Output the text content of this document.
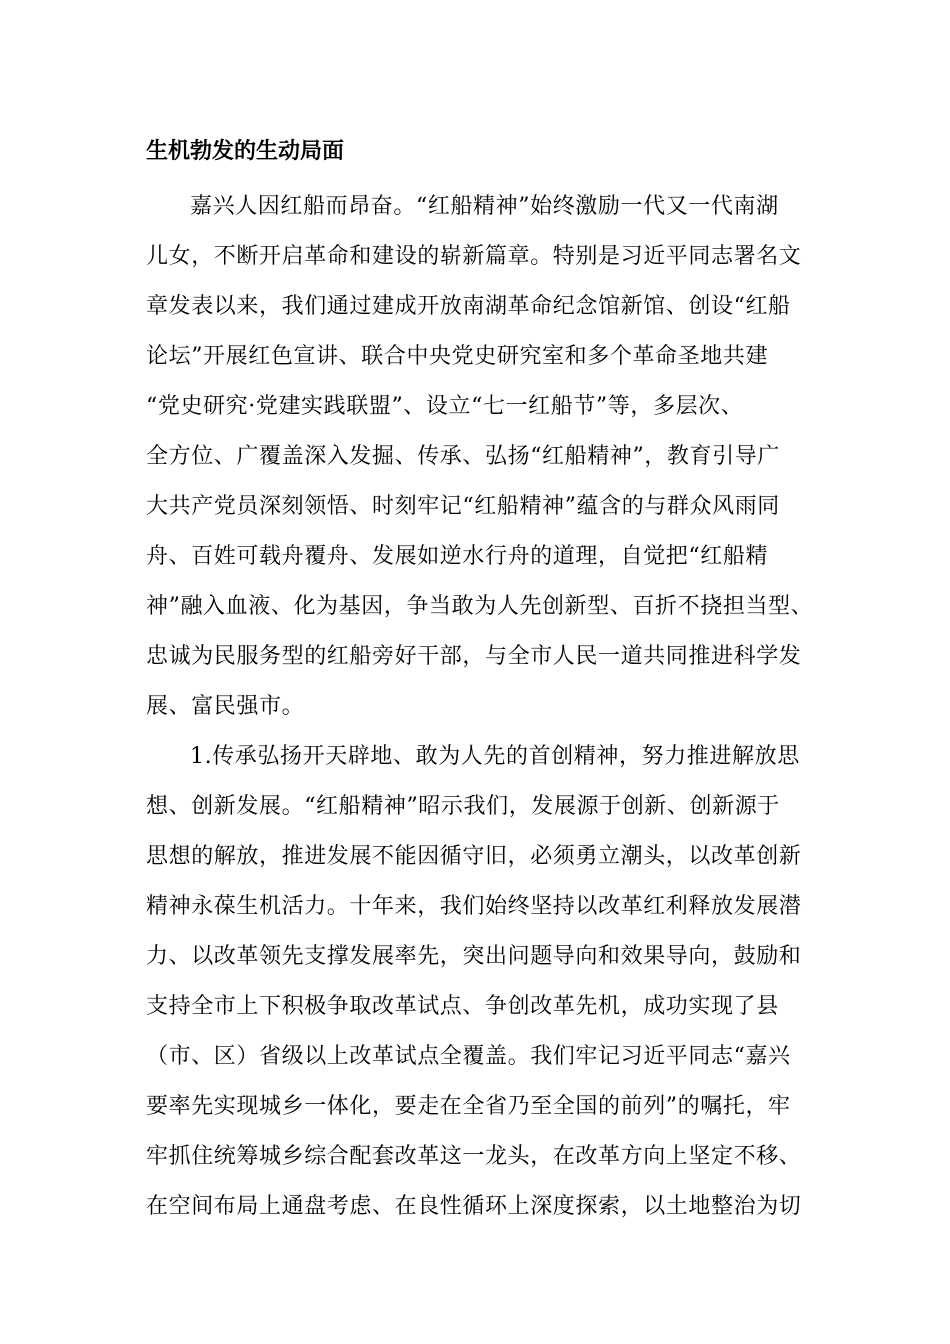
生机勃发的生动局面
嘉兴人因红船而昂奋。“红船精神”始终激励一代又一代南湖
儿女，不断开启革命和建设的崭新篇章。特别是习近平同志署名文
章发表以来，我们通过建成开放南湖革命纪念馆新馆、创设“红船
论坛”开展红色宣讲、联合中央党史研究室和多个革命圣地共建
“党史研究·党建实践联盟”、设立“七一红船节”等，多层次、
全方位、广覆盖深入发掘、传承、弘扬“红船精神”，教育引导广
大共产党员深刻领悟、时刻牢记“红船精神”蕴含的与群众风雨同
舟、百姓可载舟覆舟、发展如逆水行舟的道理，自觉把“红船精
神”融入血液、化为基因，争当敢为人先创新型、百折不挠担当型、
忠诚为民服务型的红船旁好干部，与全市人民一道共同推进科学发
展、富民强市。
1.传承弘扬开天辟地、敢为人先的首创精神，努力推进解放思
想、创新发展。“红船精神”昭示我们，发展源于创新、创新源于
思想的解放，推进发展不能因循守旧，必须勇立潮头，以改革创新
精神永葆生机活力。十年来，我们始终坚持以改革红利释放发展潜
力、以改革领先支撑发展率先，突出问题导向和效果导向，鼓励和
支持全市上下积极争取改革试点、争创改革先机，成功实现了县
（市、区）省级以上改革试点全覆盖。我们牢记习近平同志“嘉兴
要率先实现城乡一体化，要走在全省乃至全国的前列”的嘱托，牢
牢抓住统筹城乡综合配套改革这一龙头，在改革方向上坚定不移、
在空间布局上通盘考虑、在良性循环上深度探索，以土地整治为切
